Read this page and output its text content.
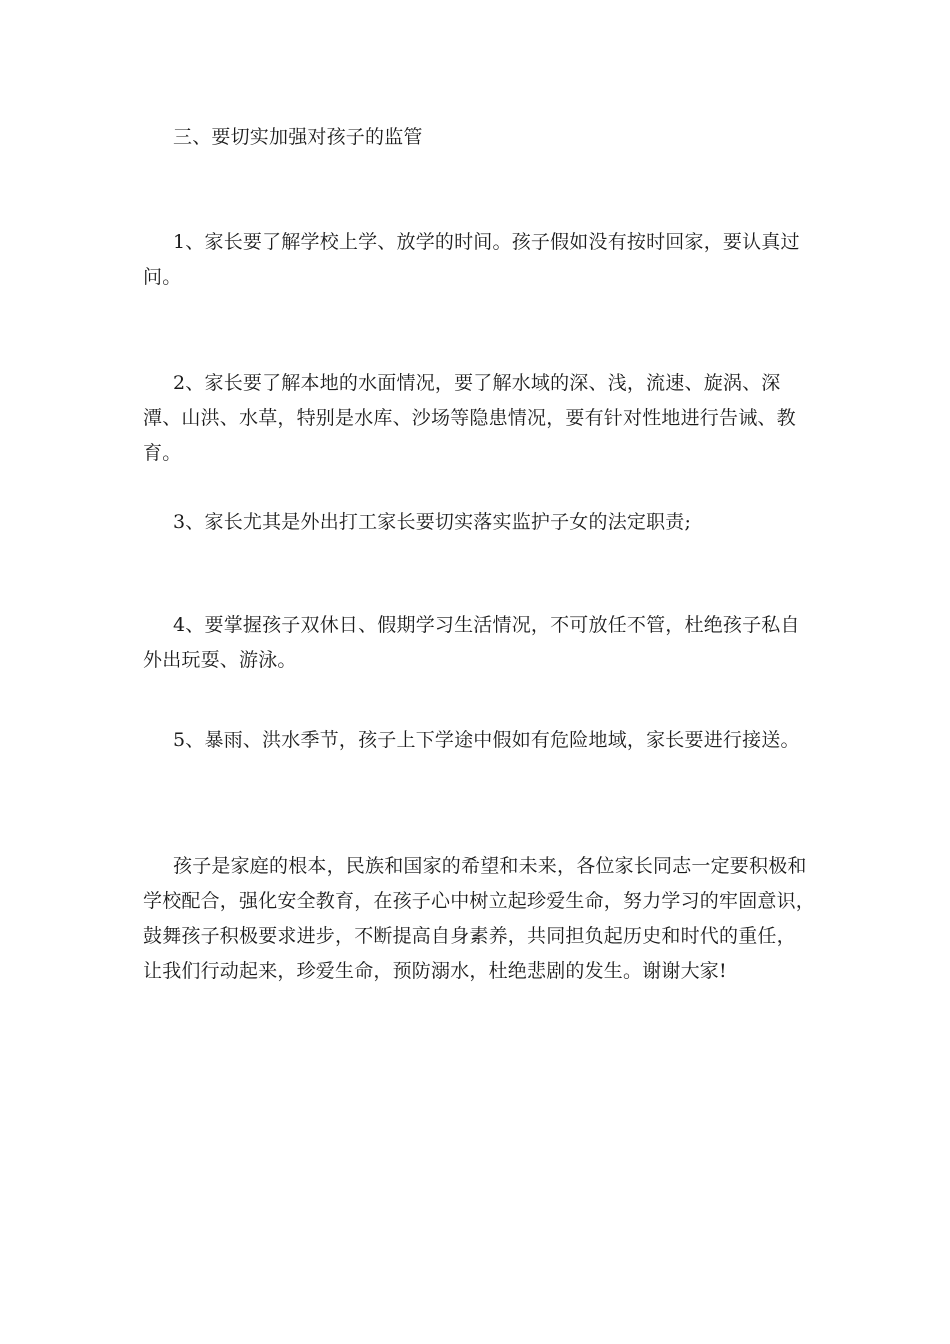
三、要切实加强对孩子的监管

1、家长要了解学校上学、放学的时间。孩子假如没有按时回家，要认真过问。

2、家长要了解本地的水面情况，要了解水域的深、浅，流速、旋涡、深潭、山洪、水草，特别是水库、沙场等隐患情况，要有针对性地进行告诫、教育。

3、家长尤其是外出打工家长要切实落实监护子女的法定职责;

4、要掌握孩子双休日、假期学习生活情况，不可放任不管，杜绝孩子私自外出玩耍、游泳。

5、暴雨、洪水季节，孩子上下学途中假如有危险地域，家长要进行接送。

孩子是家庭的根本，民族和国家的希望和未来，各位家长同志一定要积极和
学校配合，强化安全教育，在孩子心中树立起珍爱生命，努力学习的牢固意识，
鼓舞孩子积极要求进步，不断提高自身素养，共同担负起历史和时代的重任，
让我们行动起来，珍爱生命，预防溺水，杜绝悲剧的发生。谢谢大家!
